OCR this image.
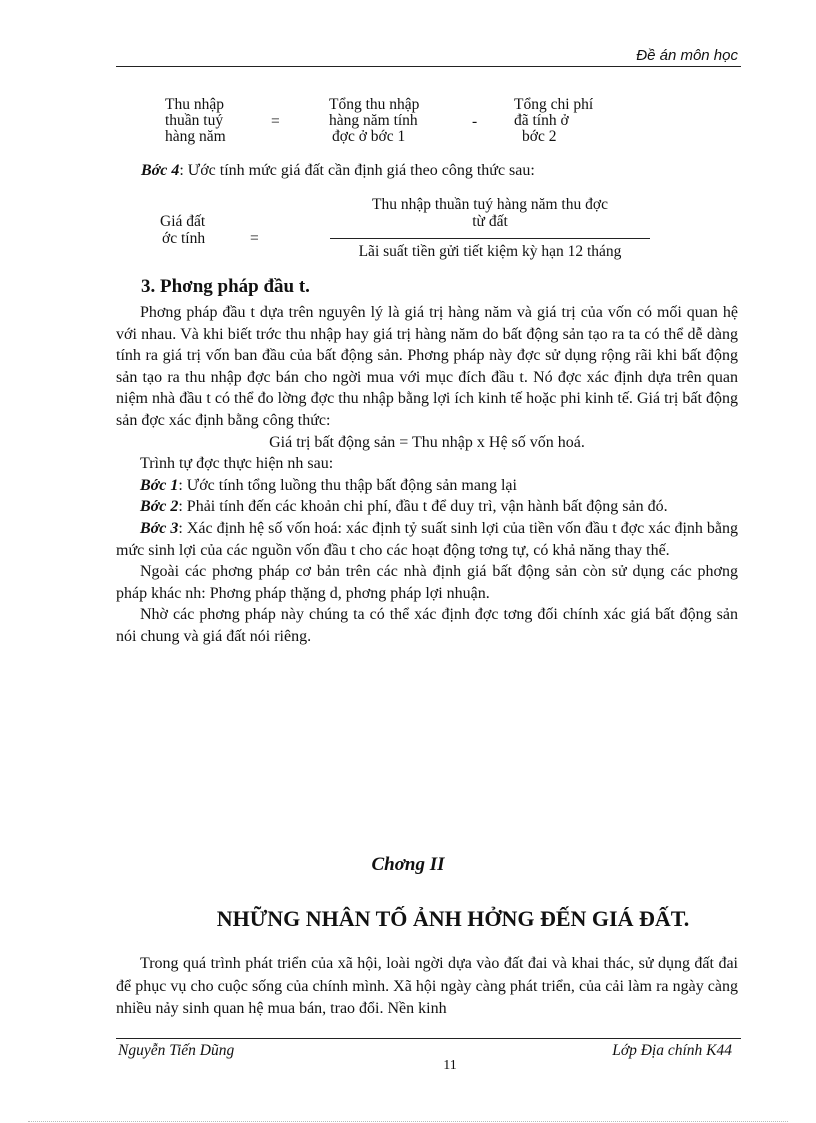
Đề án môn học
Thu nhập
thuần tuý
hàng năm
=
Tổng thu nhập
hàng năm tính
đợc ở bớc 1
-
Tổng chi phí
đã tính ở
bớc 2
Bớc 4: Ước tính mức giá đất cần định giá theo công thức sau:
Giá đất
ớc tính	=
Thu nhập thuần tuý hàng năm thu đợc
từ đất
Lãi suất tiền gửi tiết kiệm kỳ hạn 12 tháng
3. Phơng pháp đầu t.

Phơng pháp đầu t dựa trên nguyên lý là giá trị hàng năm và giá trị của vốn có mối quan hệ với nhau. Và khi biết trớc thu nhập hay giá trị hàng năm do bất động sản tạo ra ta có thể dễ dàng tính ra giá trị vốn ban đầu của bất động sản. Phơng pháp này đợc sử dụng rộng rãi khi bất động sản tạo ra thu nhập đợc bán cho ngời mua với mục đích đầu t. Nó đợc xác định dựa trên quan niệm nhà đầu t có thể đo lờng đợc thu nhập bằng lợi ích kinh tế hoặc phi kinh tế. Giá trị bất động sản đợc xác định bằng công thức:

Giá trị bất động sản = Thu nhập x Hệ số vốn hoá.

Trình tự đợc thực hiện nh sau:

Bớc 1: Ước tính tổng luồng thu thập bất động sản mang lại

Bớc 2: Phải tính đến các khoản chi phí, đầu t để duy trì, vận hành bất động sản đó.

Bớc 3: Xác định hệ số vốn hoá: xác định tỷ suất sinh lợi của tiền vốn đầu t đợc xác định bằng mức sinh lợi của các nguồn vốn đầu t cho các hoạt động tơng tự, có khả năng thay thế.

Ngoài các phơng pháp cơ bản trên các nhà định giá bất động sản còn sử dụng các phơng pháp khác nh: Phơng pháp thặng d, phơng pháp lợi nhuận.

Nhờ các phơng pháp này chúng ta có thể xác định đợc tơng đối chính xác giá bất động sản nói chung và giá đất nói riêng.

Chơng II
NHỮNG NHÂN TỐ ẢNH HỞNG ĐẾN GIÁ ĐẤT.

Trong quá trình phát triển của xã hội, loài ngời dựa vào đất đai và khai thác, sử dụng đất đai để phục vụ cho cuộc sống của chính mình. Xã hội ngày càng phát triển, của cải làm ra ngày càng nhiều nảy sinh quan hệ mua bán, trao đổi. Nền kinh

Nguyễn Tiến Dũng	Lớp Địa chính K44
11
